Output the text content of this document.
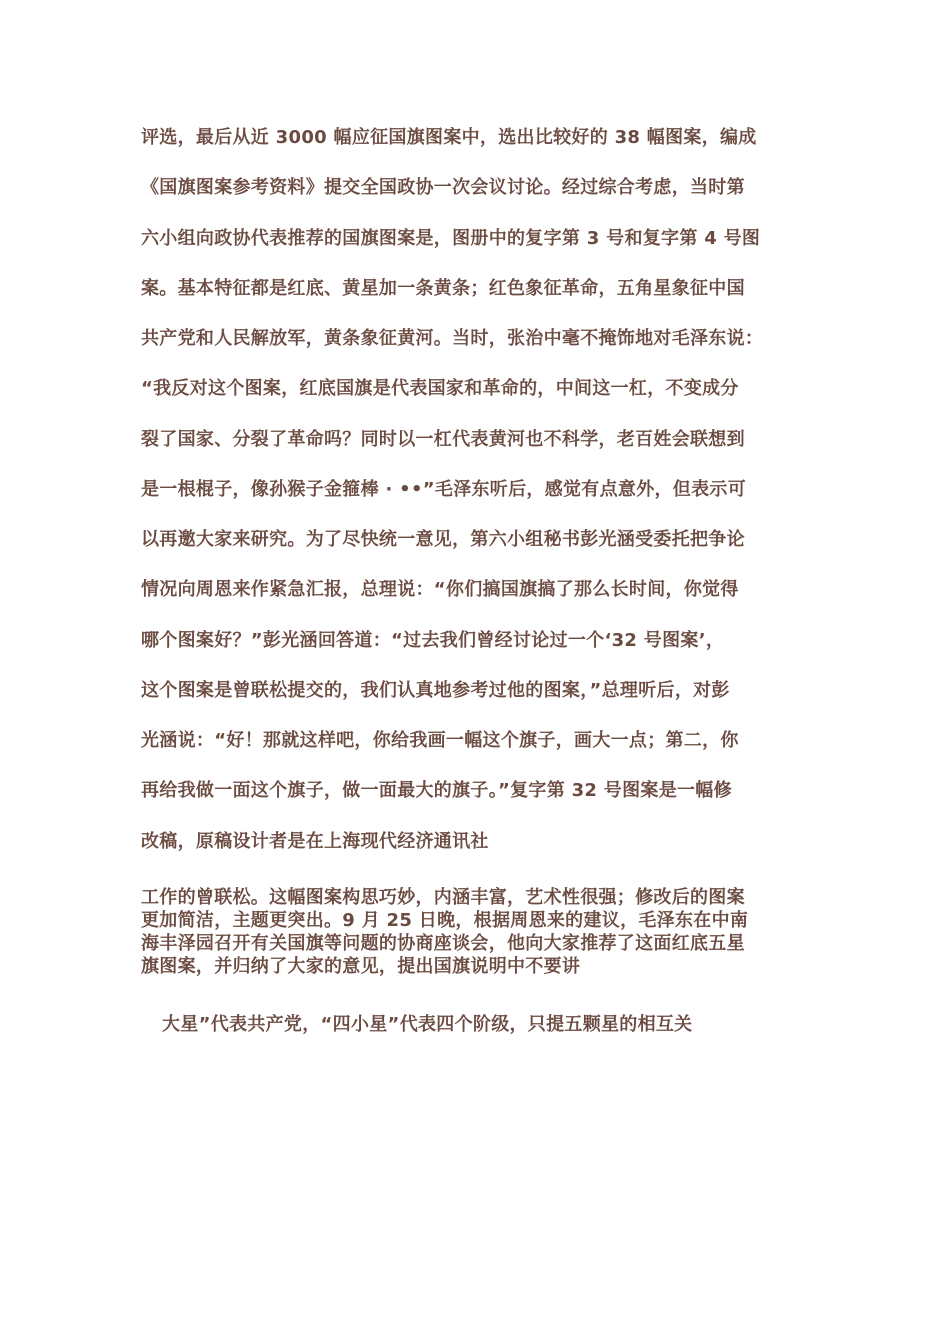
评选，最后从近 3000 幅应征国旗图案中，选出比较好的 38 幅图案，编成
《国旗图案参考资料》提交全国政协一次会议讨论。经过综合考虑，当时第
六小组向政协代表推荐的国旗图案是，图册中的复字第 3 号和复字第 4 号图
案。基本特征都是红底、黄星加一条黄条；红色象征革命，五角星象征中国
共产党和人民解放军，黄条象征黄河。当时，张治中毫不掩饰地对毛泽东说：
“我反对这个图案，红底国旗是代表国家和革命的，中间这一杠，不变成分
裂了国家、分裂了革命吗？同时以一杠代表黄河也不科学，老百姓会联想到
是一根棍子，像孙猴子金箍棒 · ••”毛泽东听后，感觉有点意外，但表示可
以再邀大家来研究。为了尽快统一意见，第六小组秘书彭光涵受委托把争论
情况向周恩来作紧急汇报，总理说：“你们搞国旗搞了那么长时间，你觉得
哪个图案好？”彭光涵回答道：“过去我们曾经讨论过一个‘32 号图案’，
这个图案是曾联松提交的，我们认真地参考过他的图案，”总理听后，对彭
光涵说：“好！那就这样吧，你给我画一幅这个旗子，画大一点；第二，你
再给我做一面这个旗子，做一面最大的旗子。”复字第 32 号图案是一幅修
改稿，原稿设计者是在上海现代经济通讯社
工作的曾联松。这幅图案构思巧妙，内涵丰富，艺术性很强；修改后的图案
更加简洁，主题更突出。9 月 25 日晚，根据周恩来的建议，毛泽东在中南
海丰泽园召开有关国旗等问题的协商座谈会，他向大家推荐了这面红底五星
旗图案，并归纳了大家的意见，提出国旗说明中不要讲
大星”代表共产党，“四小星”代表四个阶级，只提五颗星的相互关
